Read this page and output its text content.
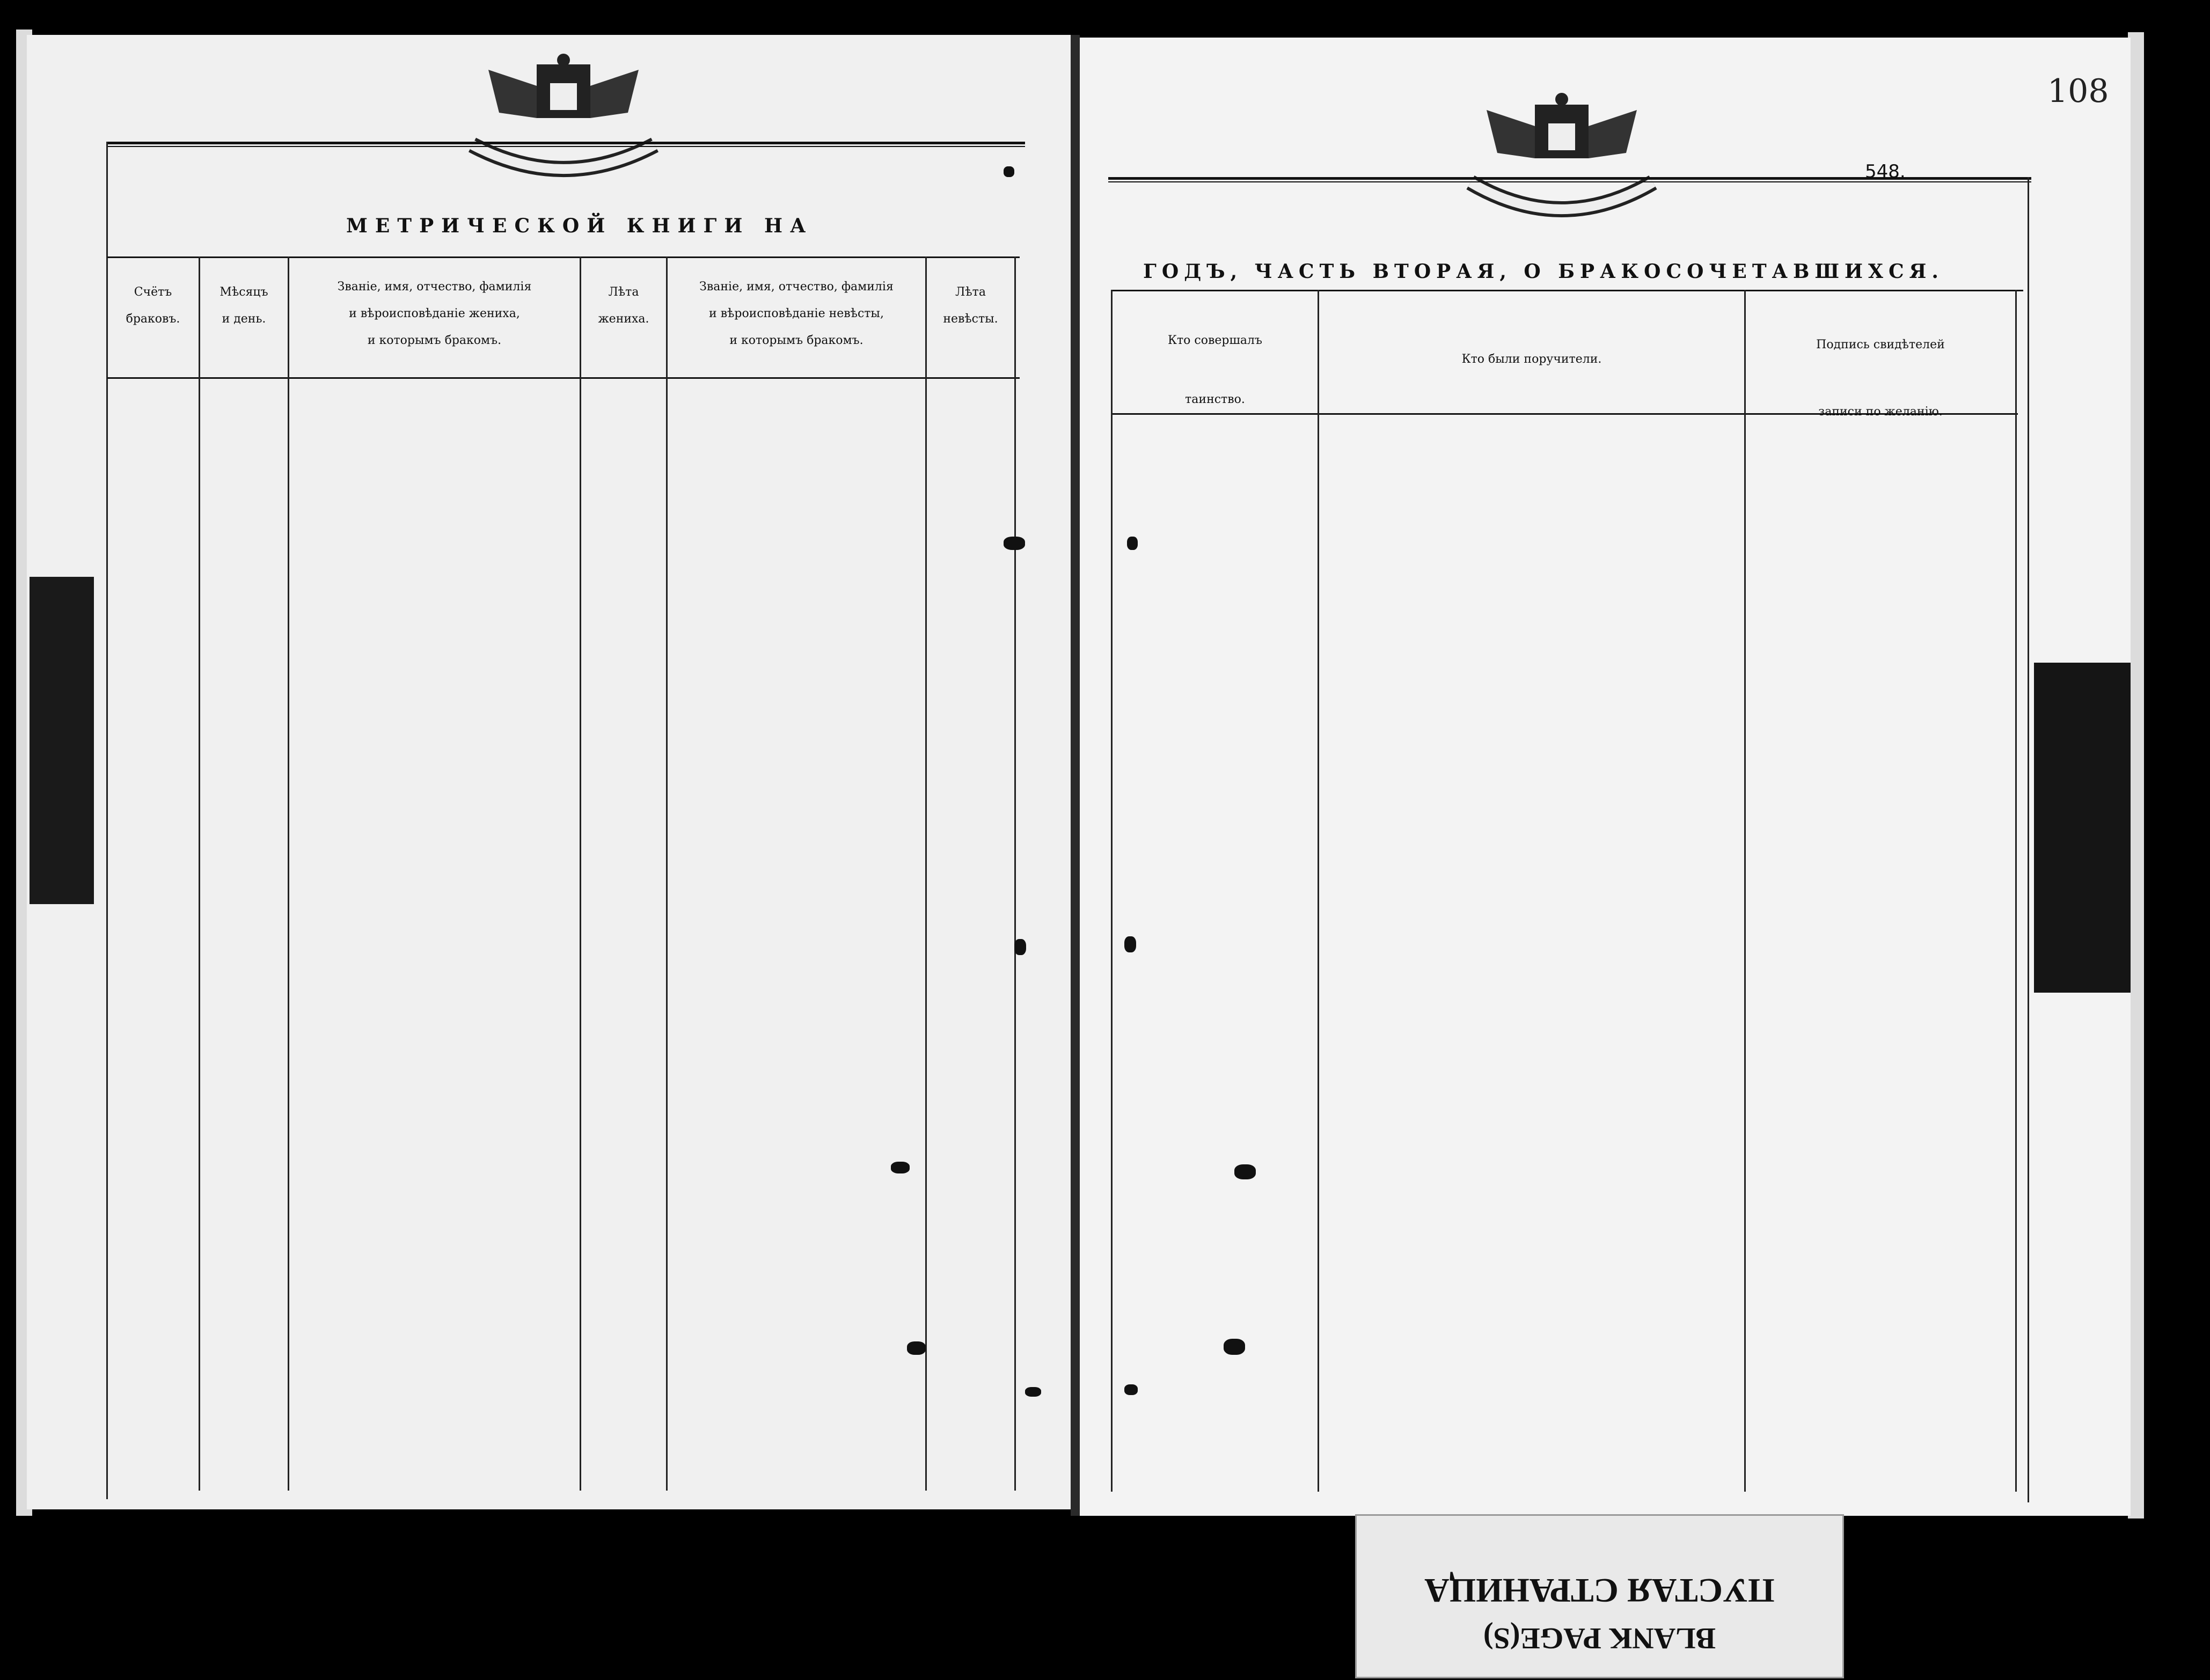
МЕТРИЧЕСКОЙ КНИГИ НА
Счётъ
браковъ.
Мѣсяцъ
и день.
Званіе, имя, отчество, фамилія
и вѣроисповѣданіе жениха,
и которымъ бракомъ.
Лѣта
жениха.
Званіе, имя, отчество, фамилія
и вѣроисповѣданіе невѣсты,
и которымъ бракомъ.
Лѣта
невѣсты.
ГОДЪ, ЧАСТЬ ВТОРАЯ, О БРАКОСОЧЕТАВШИХСЯ.
548.
108
Кто совершалъ
таинство.
Кто были поручители.
Подпись свидѣтелей
записи по желанію.
BLANK PAGE(S)
ПУСТАЯ СТРАНИЦА
